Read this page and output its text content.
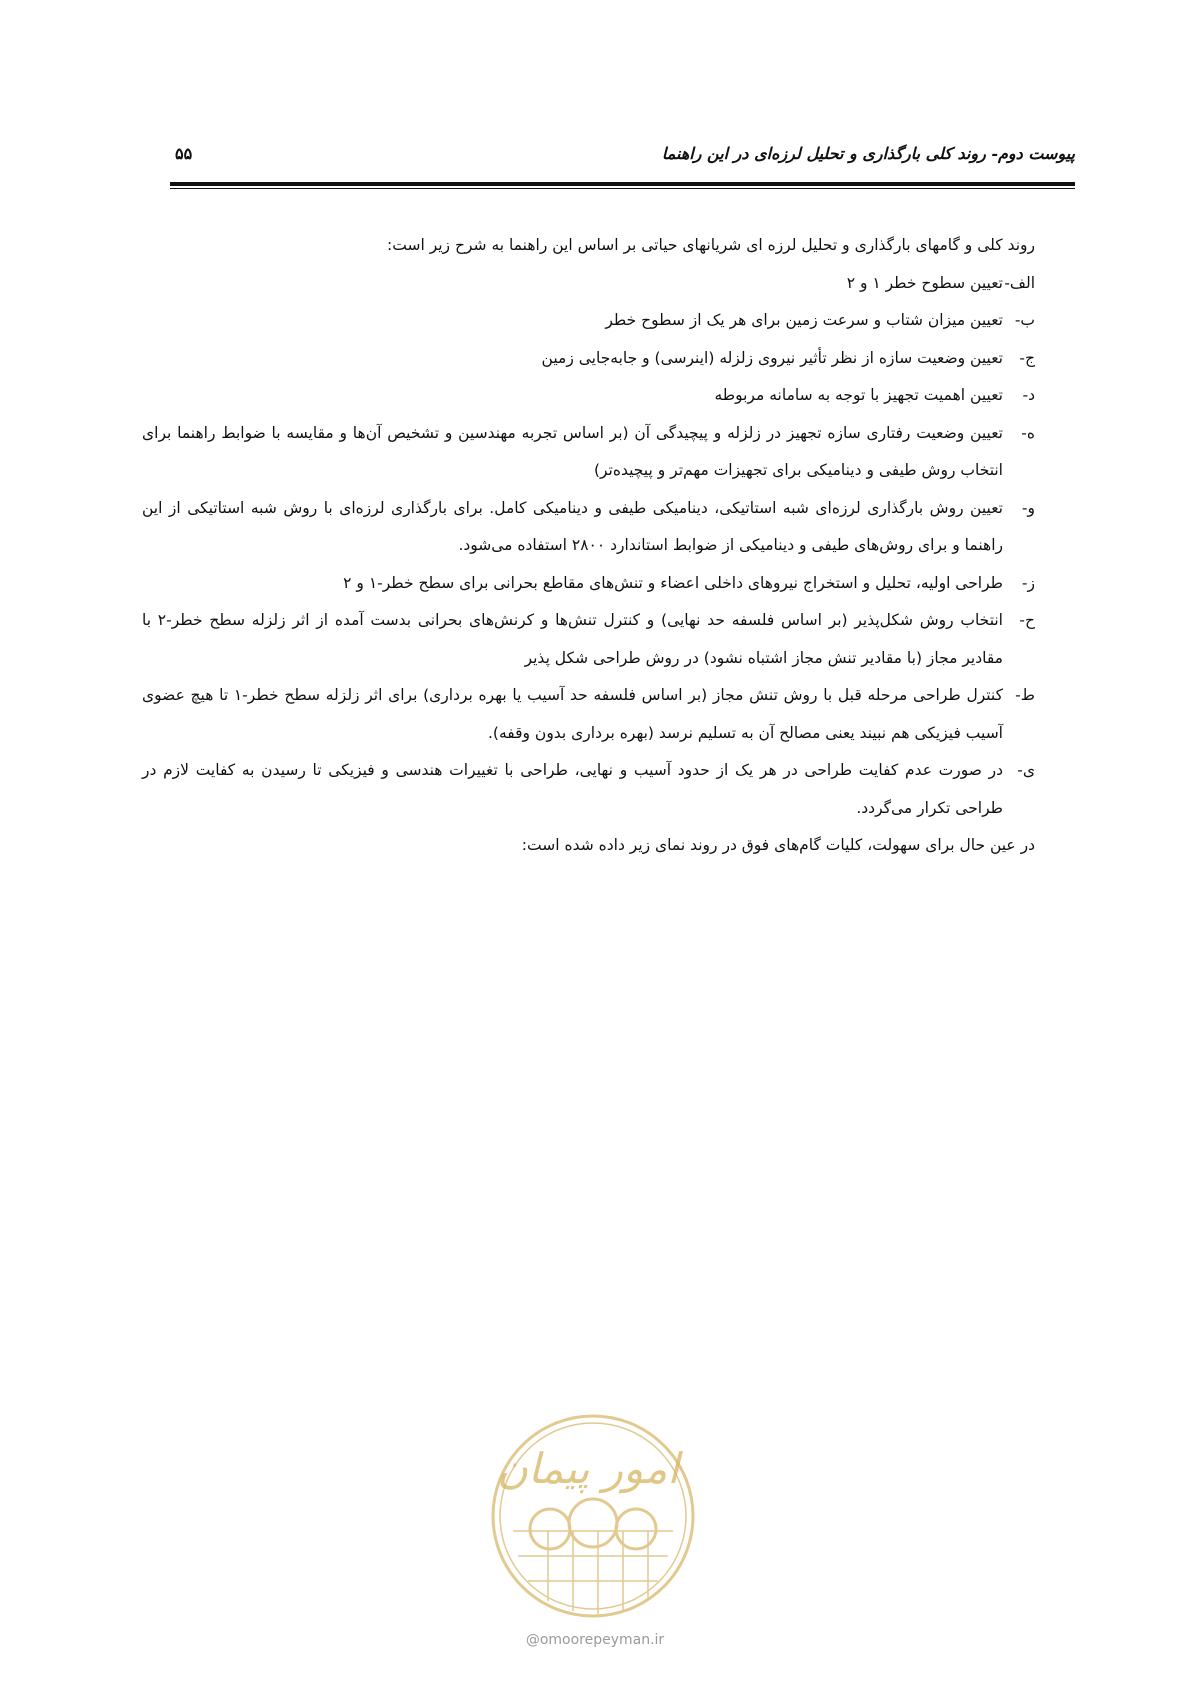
پیوست دوم- روند کلی بارگذاری و تحلیل لرزه‌ای در این راهنما
۵۵

روند کلی و گامهای بارگذاری و تحلیل لرزه ای شریانهای حیاتی بر اساس این راهنما به شرح زیر است:

الف-
تعیین سطوح خطر ۱ و ۲
ب-
تعیین میزان شتاب و سرعت زمین برای هر یک از سطوح خطر
ج-
تعیین وضعیت سازه از نظر تأثیر نیروی زلزله (اینرسی) و جابه‌جایی زمین
د-
تعیین اهمیت تجهیز با توجه به سامانه مربوطه
ه-
تعیین وضعیت رفتاری سازه تجهیز در زلزله و پیچیدگی آن (بر اساس تجربه مهندسین و تشخیص آن‌ها و مقایسه با ضوابط راهنما برای انتخاب روش طیفی و دینامیکی برای تجهیزات مهم‌تر و پیچیده‌تر)
و-
تعیین روش بارگذاری لرزه‌ای شبه استاتیکی، دینامیکی طیفی و دینامیکی کامل. برای بارگذاری لرزه‌ای با روش شبه استاتیکی از این راهنما و برای روش‌های طیفی و دینامیکی از ضوابط استاندارد ۲۸۰۰ استفاده می‌شود.
ز-
طراحی اولیه، تحلیل و استخراج نیروهای داخلی اعضاء و تنش‌های مقاطع بحرانی برای سطح خطر-۱ و ۲
ح-
انتخاب روش شکل‌پذیر (بر اساس فلسفه حد نهایی) و کنترل تنش‌ها و کرنش‌های بحرانی بدست آمده از اثر زلزله سطح خطر-۲ با مقادیر مجاز (با مقادیر تنش مجاز اشتباه نشود) در روش طراحی شکل پذیر
ط-
کنترل طراحی مرحله قبل با روش تنش مجاز (بر اساس فلسفه حد آسیب یا بهره برداری) برای اثر زلزله سطح خطر-۱ تا هیچ عضوی آسیب فیزیکی هم نبیند یعنی مصالح آن به تسلیم نرسد (بهره برداری بدون وقفه).
ی-
در صورت عدم کفایت طراحی در هر یک از حدود آسیب و نهایی، طراحی با تغییرات هندسی و فیزیکی تا رسیدن به کفایت لازم در طراحی تکرار می‌گردد.

در عین حال برای سهولت، کلیات گام‌های فوق در روند نمای زیر داده شده است:

امور پیمان
@omoorepeyman.ir
